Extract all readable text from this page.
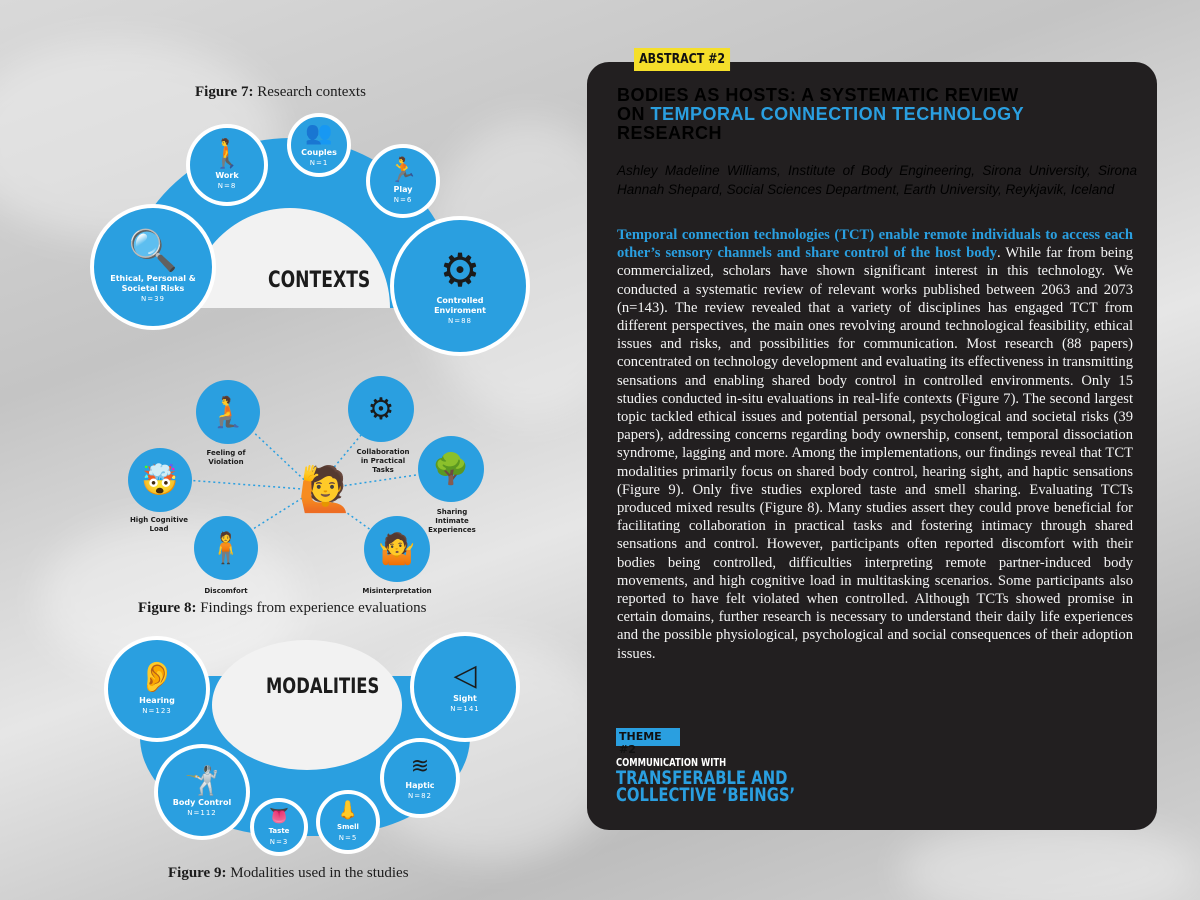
Figure 7: Research contexts
CONTEXTS
👥
Couples
N=1
🚶
Work
N=8
🏃
Play
N=6
🔍
Ethical, Personal & Societal Risks
N=39
⚙
Controlled Enviroment
N=88
🙋
🧎
Feeling of Violation
⚙
Collaboration in Practical Tasks
🤯
High Cognitive Load
🌳
Sharing Intimate Experiences
🧍
Discomfort
🤷
Misinterpretation
Figure 8: Findings from experience evaluations
MODALITIES
👂
Hearing
N=123
◁
Sight
N=141
≋
Haptic
N=82
🤺
Body Control
N=112	👅
Taste
N=3
👃
Smell
N=5
Figure 9: Modalities used in the studies
ABSTRACT #2
BODIES AS HOSTS: A SYSTEMATIC REVIEW
ON TEMPORAL CONNECTION TECHNOLOGY
RESEARCH
Ashley Madeline Williams, Institute of Body Engineering, Sirona University, Sirona Hannah Shepard, Social Sciences Department, Earth University, Reykjavik, Iceland
Temporal connection technologies (TCT) enable remote individuals to access each other’s sensory channels and share control of the host body. While far from being commercialized, scholars have shown significant interest in this technology. We conducted a systematic review of relevant works published between 2063 and 2073 (n=143). The review revealed that a variety of disciplines has engaged TCT from different perspectives, the main ones revolving around technological feasibility, ethical issues and risks, and possibilities for communication. Most research (88 papers) concentrated on technology development and evaluating its effectiveness in transmitting sensations and enabling shared body control in controlled environments. Only 15 studies conducted in-situ evaluations in real-life contexts (Figure 7). The second largest topic tackled ethical issues and potential personal, psychological and societal risks (39 papers), addressing concerns regarding body ownership, consent, temporal dissociation syndrome, lagging and more. Among the implementations, our findings reveal that TCT modalities primarily focus on shared body control, hearing sight, and haptic sensations (Figure 9). Only five studies explored taste and smell sharing. Evaluating TCTs produced mixed results (Figure 8). Many studies assert they could prove beneficial for facilitating collaboration in practical tasks and fostering intimacy through shared sensations and control. However, participants often reported discomfort with their bodies being controlled, difficulties interpreting remote partner-induced body movements, and high cognitive load in multitasking scenarios. Some participants also reported to have felt violated when controlled. Although TCTs showed promise in certain domains, further research is necessary to understand their daily life experiences and the possible physiological, psychological and social consequences of their adoption issues.
THEME #2
COMMUNICATION WITH
TRANSFERABLE AND COLLECTIVE ‘BEINGS’
